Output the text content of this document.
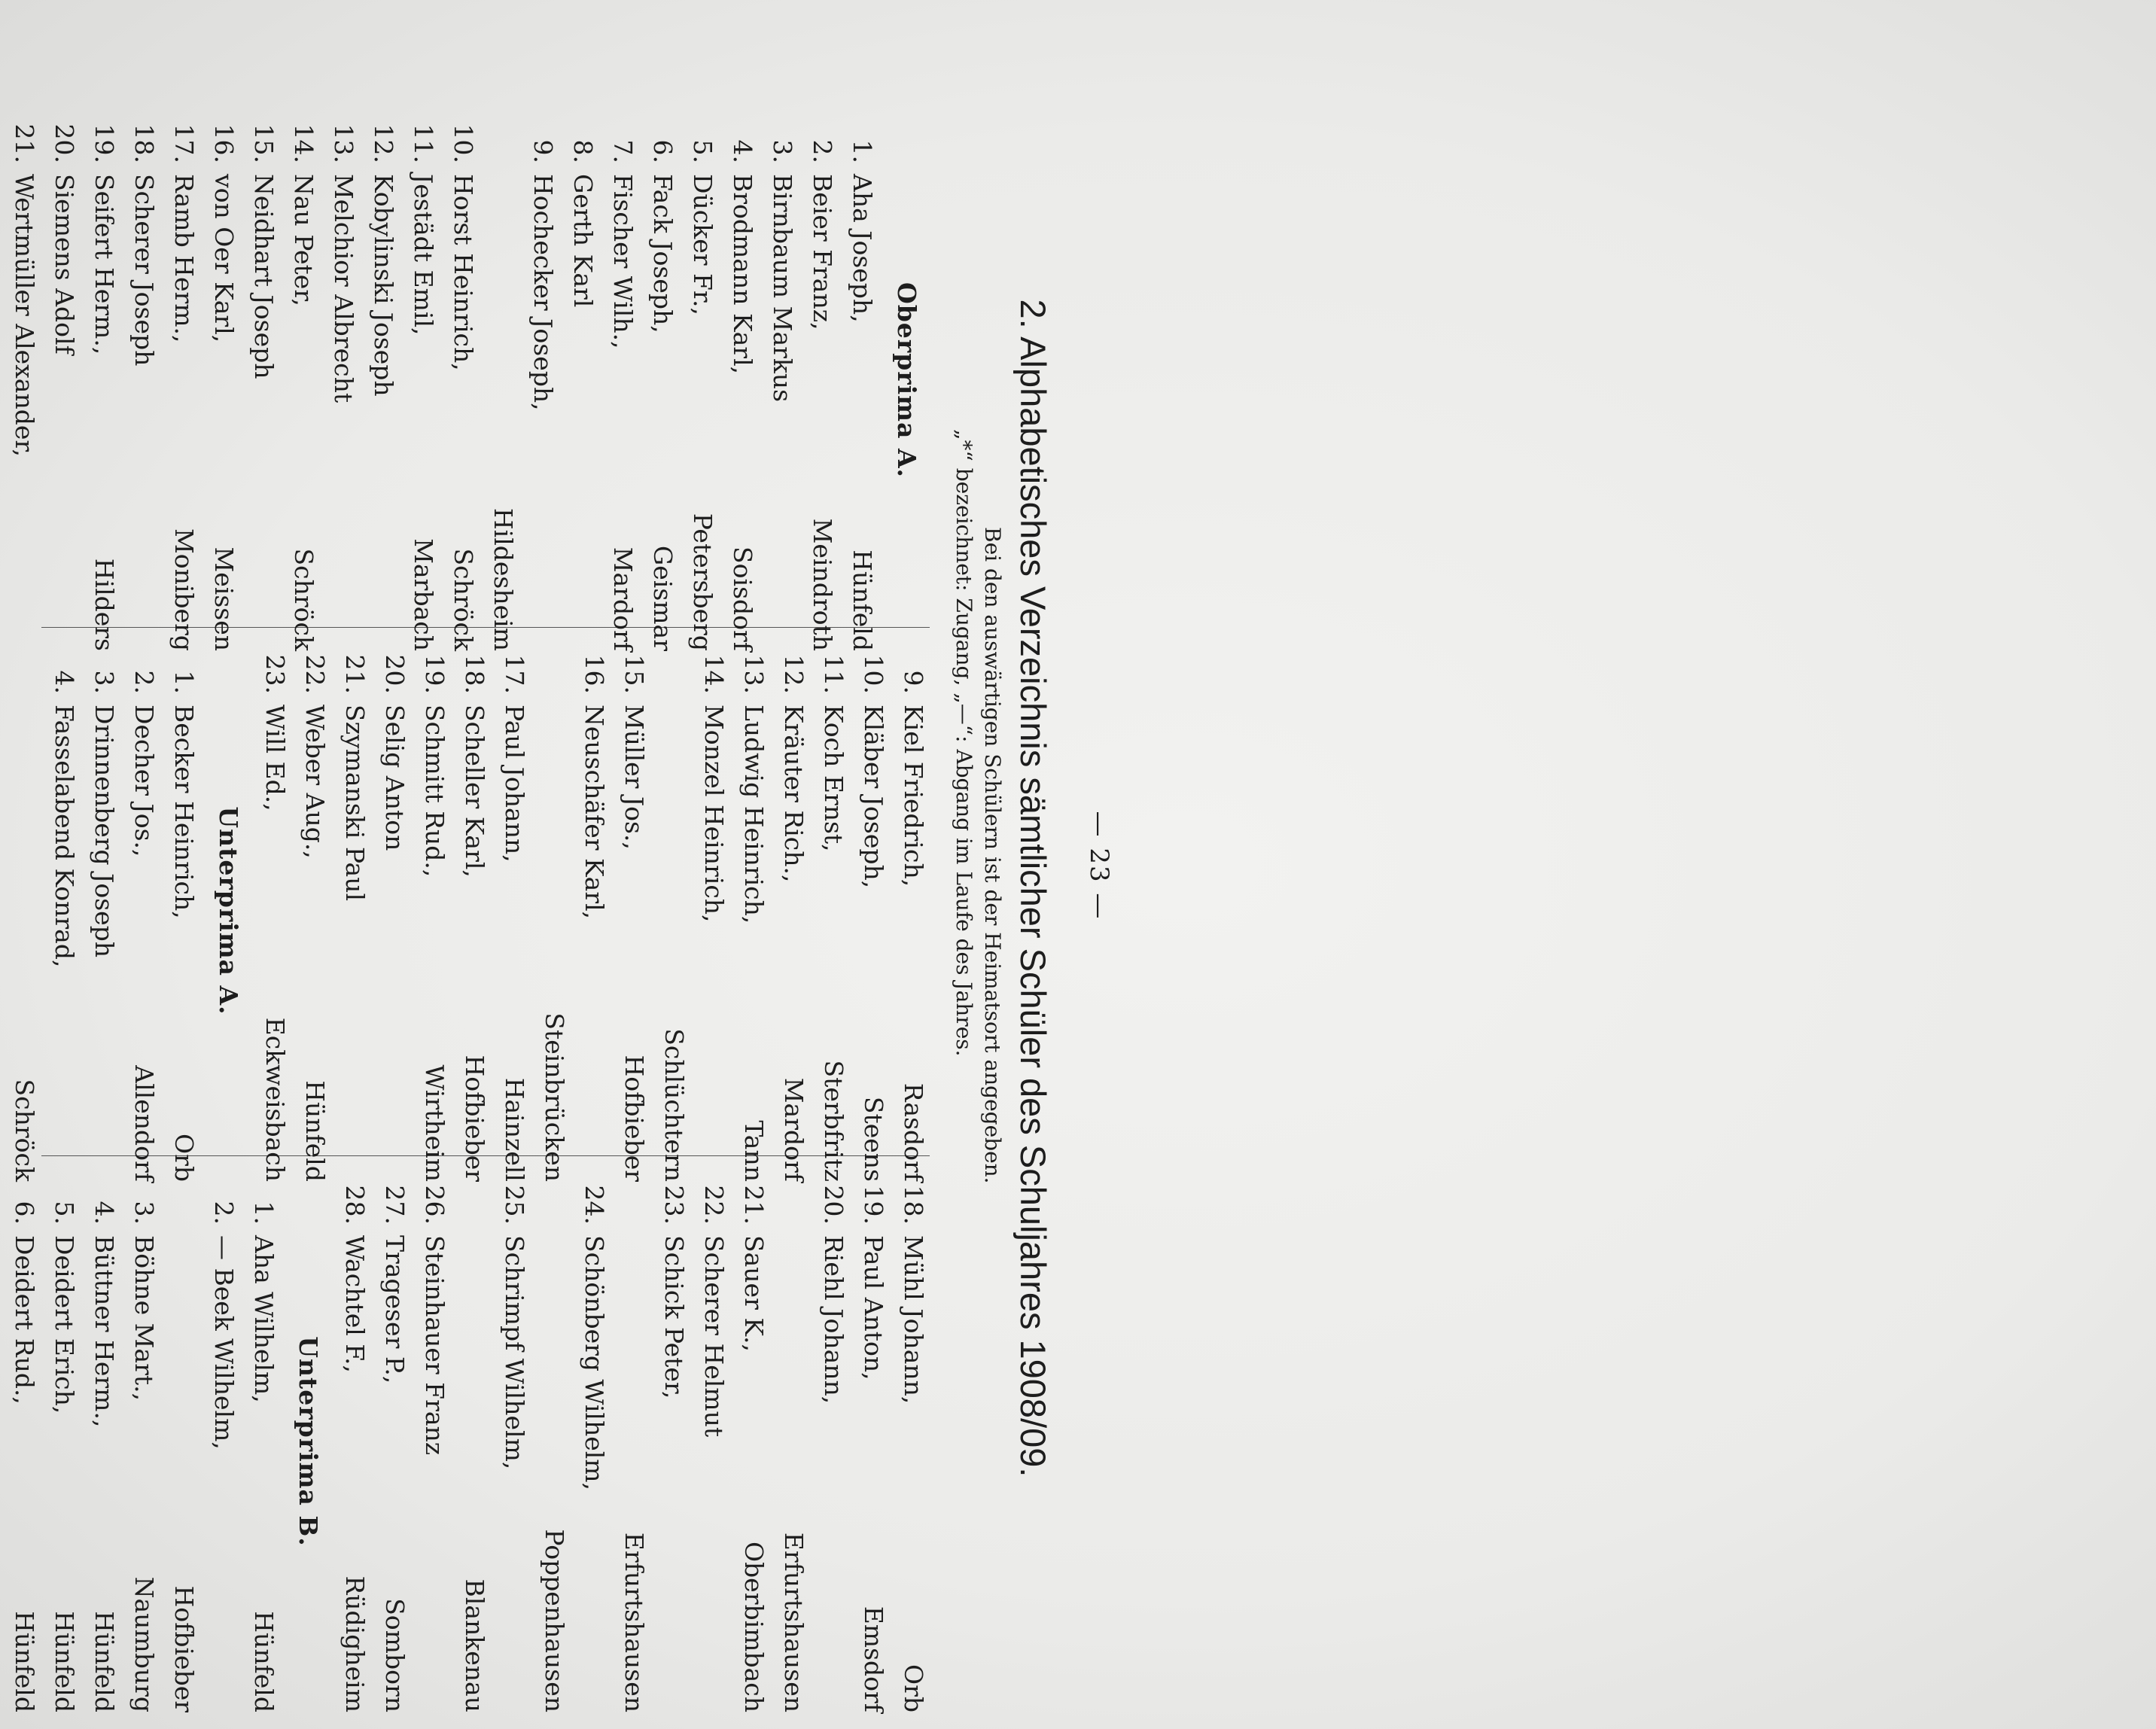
— 23 —
2. Alphabetisches Verzeichnis sämtlicher Schüler des Schuljahres 1908/09.
Bei den auswärtigen Schülern ist der Heimatsort angegeben.
„*“ bezeichnet: Zugang, „—“: Abgang im Laufe des Jahres.
Oberprima A.
1.Aha Joseph,
Hünfeld
2.Beier Franz,
Meindroth
3.Birnbaum Markus
4.Brodmann Karl,
Soisdorf
5.Dücker Fr.,
Petersberg
6.Fack Joseph,
Geismar
7.Fischer Wilh.,
Mardorf
8.Gerth Karl
9.Hochecker Joseph,
Hildesheim
10.Horst Heinrich,
Schröck
11.Jestädt Emil,
Marbach
12.Kobylinski Joseph
13.Melchior Albrecht
14.Nau Peter,
Schröck
15.Neidhart Joseph
16.von Oer Karl,
Meissen
17.Ramb Herm.,
Moniberg
18.Scherer Joseph
19.Seifert Herm.,
Hilders
20.Siemens Adolf
21.Wertmüller Alexander,
9.Kiel Friedrich,
Rasdorf
10.Kläber Joseph,
Steens
11.Koch Ernst,
Sterbfritz
12.Kräuter Rich.,
Mardorf
13.Ludwig Heinrich,
Tann
14.Monzel Heinrich,
Schlüchtern
15.Müller Jos.,
Hofbieber
16.Neuschäfer Karl,
Steinbrücken
17.Paul Johann,
Hainzell
18.Scheller Karl,
Hofbieber
19.Schmitt Rud.,
Wirtheim
20.Selig Anton
21.Szymanski Paul
22.Weber Aug.,
Hünfeld
23.Will Ed.,
Eckweisbach
Unterprima A.
1.Becker Heinrich,
Orb
2.Decher Jos.,
Allendorf
3.Drinnenberg Joseph
4.Fasselabend Konrad,
Schröck
18.Mühl Johann,
Orb
19.Paul Anton,
Emsdorf
20.Riehl Johann,
Erfurtshausen
21.Sauer K.,
Oberbimbach
22.Scherer Helmut
23.Schick Peter,
Erfurtshausen
24.Schönberg Wilhelm,
Poppenhausen
25.Schrimpf Wilhelm,
Blankenau
26.Steinhauer Franz
27.Trageser P.,
Somborn
28.Wachtel F.,
Rüdigheim
Unterprima B.
1.Aha Wilhelm,
Hünfeld
2.— Beek Wilhelm,
Hofbieber
3.Böhne Mart.,
Naumburg
4.Büttner Herm.,
Hünfeld
5.Deidert Erich,
Hünfeld
6.Deidert Rud.,
Hünfeld
